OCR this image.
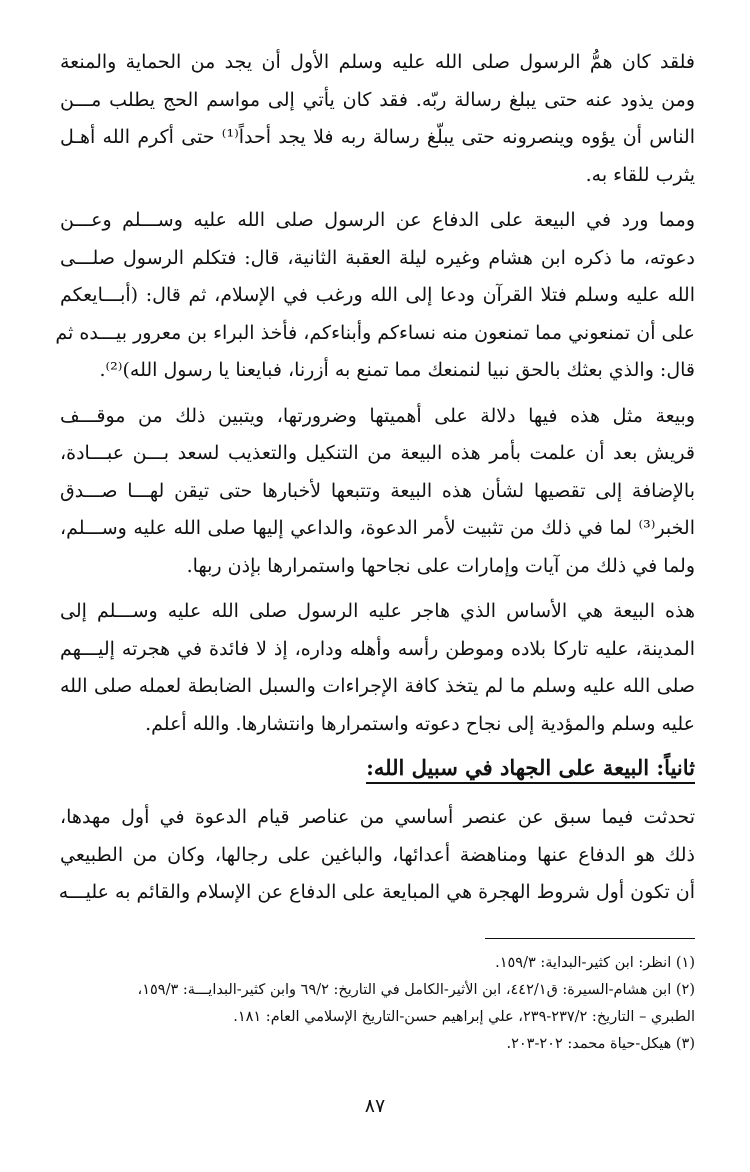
فلقد كان همُّ الرسول صلى الله عليه وسلم الأول أن يجد من الحماية والمنعة
ومن يذود عنه حتى يبلغ رسالة ربّه. فقد كان يأتي إلى مواسم الحج يطلب مـــن
الناس أن يؤوه وينصرونه حتى يبلّغ رسالة ربه فلا يجد أحداً⁽¹⁾ حتى أكرم الله أهـل
يثرب للقاء به.

ومما ورد في البيعة على الدفاع عن الرسول صلى الله عليه وســـلم وعـــن
دعوته، ما ذكره ابن هشام وغيره ليلة العقبة الثانية، قال: فتكلم الرسول صلـــى
الله عليه وسلم فتلا القرآن ودعا إلى الله ورغب في الإسلام، ثم قال: (أبـــايعكم
على أن تمنعوني مما تمنعون منه نساءكم وأبناءكم، فأخذ البراء بن معرور بيـــده ثم
قال: والذي بعثك بالحق نبيا لنمنعك مما تمنع به أزرنا، فبايعنا يا رسول الله)⁽²⁾.

وبيعة مثل هذه فيها دلالة على أهميتها وضرورتها، ويتبين ذلك من موقـــف
قريش بعد أن علمت بأمر هذه البيعة من التنكيل والتعذيب لسعد بـــن عبـــادة،
بالإضافة إلى تقصيها لشأن هذه البيعة وتتبعها لأخبارها حتى تيقن لهـــا صـــدق
الخبر⁽³⁾ لما في ذلك من تثبيت لأمر الدعوة، والداعي إليها صلى الله عليه وســـلم،
ولما في ذلك من آيات وإمارات على نجاحها واستمرارها بإذن ربها.

هذه البيعة هي الأساس الذي هاجر عليه الرسول صلى الله عليه وســـلم إلى
المدينة، عليه تاركا بلاده وموطن رأسه وأهله وداره، إذ لا فائدة في هجرته إليـــهم
صلى الله عليه وسلم ما لم يتخذ كافة الإجراءات والسبل الضابطة لعمله صلى الله
عليه وسلم والمؤدية إلى نجاح دعوته واستمرارها وانتشارها. والله أعلم.

ثانياً: البيعة على الجهاد في سبيل الله:

تحدثت فيما سبق عن عنصر أساسي من عناصر قيام الدعوة في أول مهدها،
ذلك هو الدفاع عنها ومناهضة أعدائها، والباغين على رجالها، وكان من الطبيعي
أن تكون أول شروط الهجرة هي المبايعة على الدفاع عن الإسلام والقائم به عليـــه

(١) انظر: ابن كثير-البداية: ١٥٩/٣.
(٢) ابن هشام-السيرة: ق٤٤٢/١، ابن الأثير-الكامل في التاريخ: ٦٩/٢ وابن كثير-البدايـــة: ١٥٩/٣،
الطبري – التاريخ: ٢٣٧/٢-٢٣٩، علي إبراهيم حسن-التاريخ الإسلامي العام: ١٨١.
(٣) هيكل-حياة محمد: ٢٠٢-٢٠٣.
٨٧
